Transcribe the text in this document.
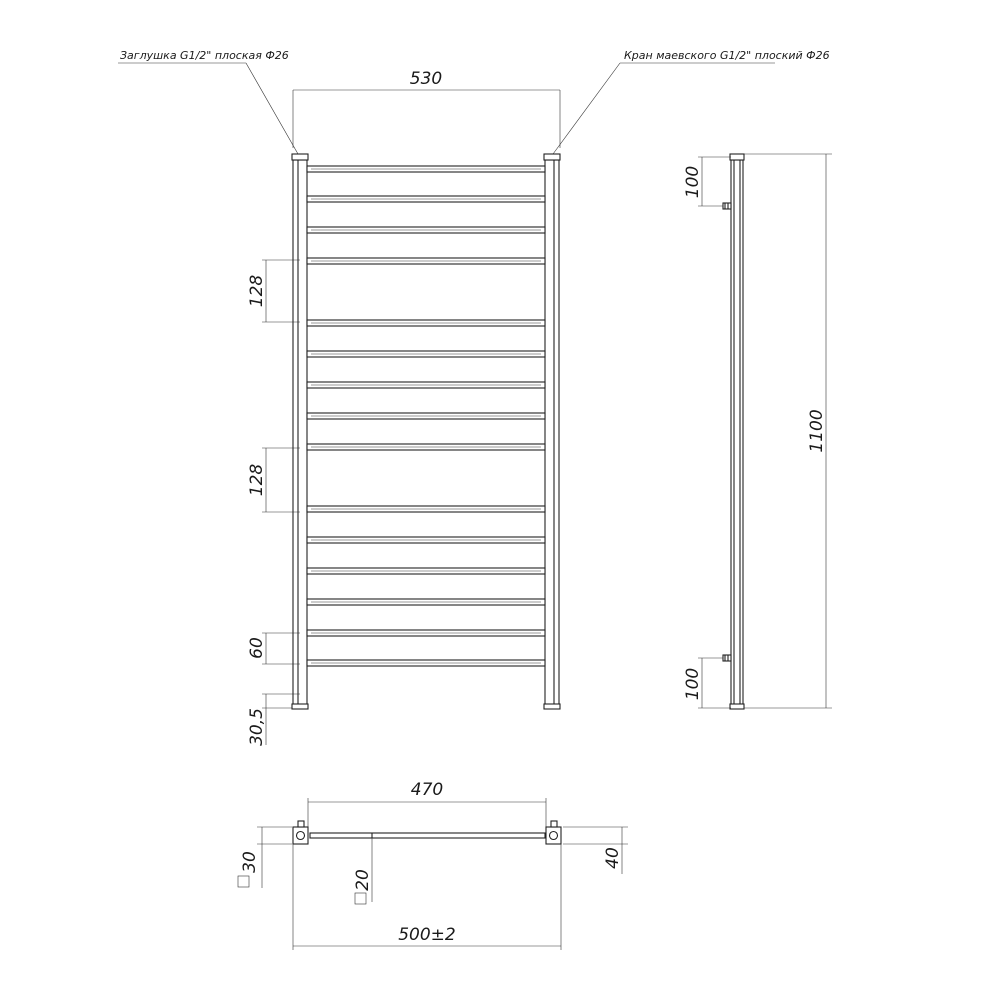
530
Заглушка G1/2" плоская Ф26	Кран маевского G1/2" плоский Ф26
128
128
60
30,5
100
100
1100
470
40
30
20
500±2
